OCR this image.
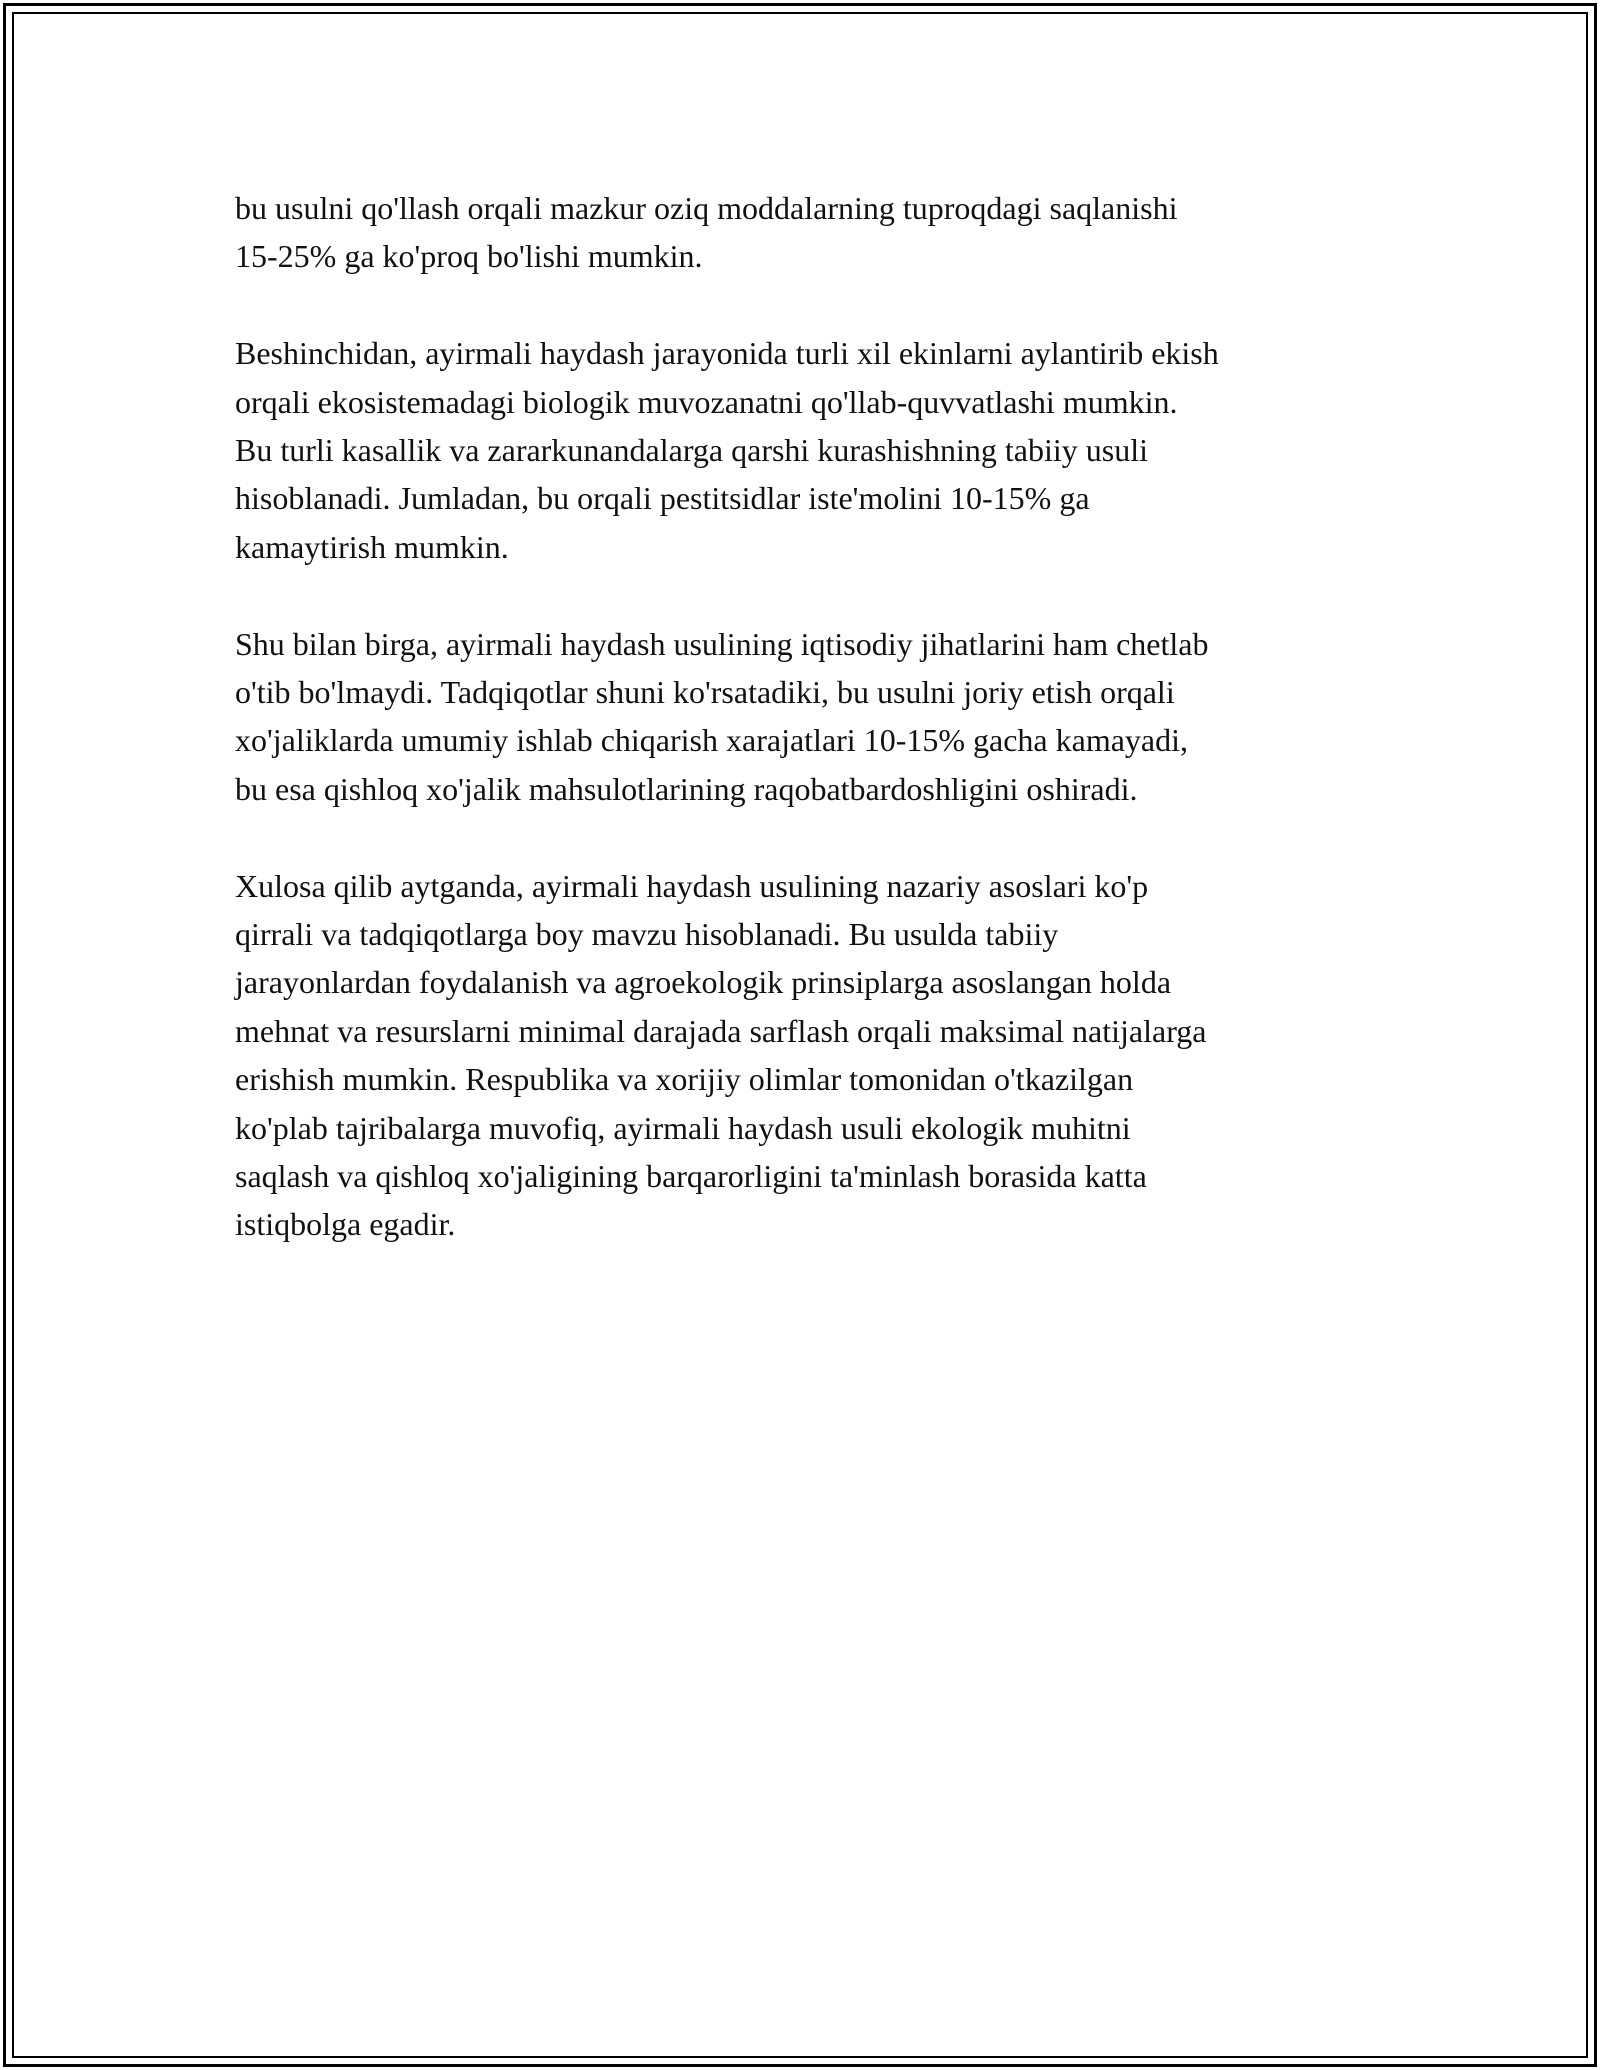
bu usulni qo'llash orqali mazkur oziq moddalarning tuproqdagi saqlanishi
15-25% ga ko'proq bo'lishi mumkin.

Beshinchidan, ayirmali haydash jarayonida turli xil ekinlarni aylantirib ekish
orqali ekosistemadagi biologik muvozanatni qo'llab-quvvatlashi mumkin.
Bu turli kasallik va zararkunandalarga qarshi kurashishning tabiiy usuli
hisoblanadi. Jumladan, bu orqali pestitsidlar iste'molini 10-15% ga
kamaytirish mumkin.

Shu bilan birga, ayirmali haydash usulining iqtisodiy jihatlarini ham chetlab
o'tib bo'lmaydi. Tadqiqotlar shuni ko'rsatadiki, bu usulni joriy etish orqali
xo'jaliklarda umumiy ishlab chiqarish xarajatlari 10-15% gacha kamayadi,
bu esa qishloq xo'jalik mahsulotlarining raqobatbardoshligini oshiradi.

Xulosa qilib aytganda, ayirmali haydash usulining nazariy asoslari ko'p
qirrali va tadqiqotlarga boy mavzu hisoblanadi. Bu usulda tabiiy
jarayonlardan foydalanish va agroekologik prinsiplarga asoslangan holda
mehnat va resurslarni minimal darajada sarflash orqali maksimal natijalarga
erishish mumkin. Respublika va xorijiy olimlar tomonidan o'tkazilgan
ko'plab tajribalarga muvofiq, ayirmali haydash usuli ekologik muhitni
saqlash va qishloq xo'jaligining barqarorligini ta'minlash borasida katta
istiqbolga egadir.
